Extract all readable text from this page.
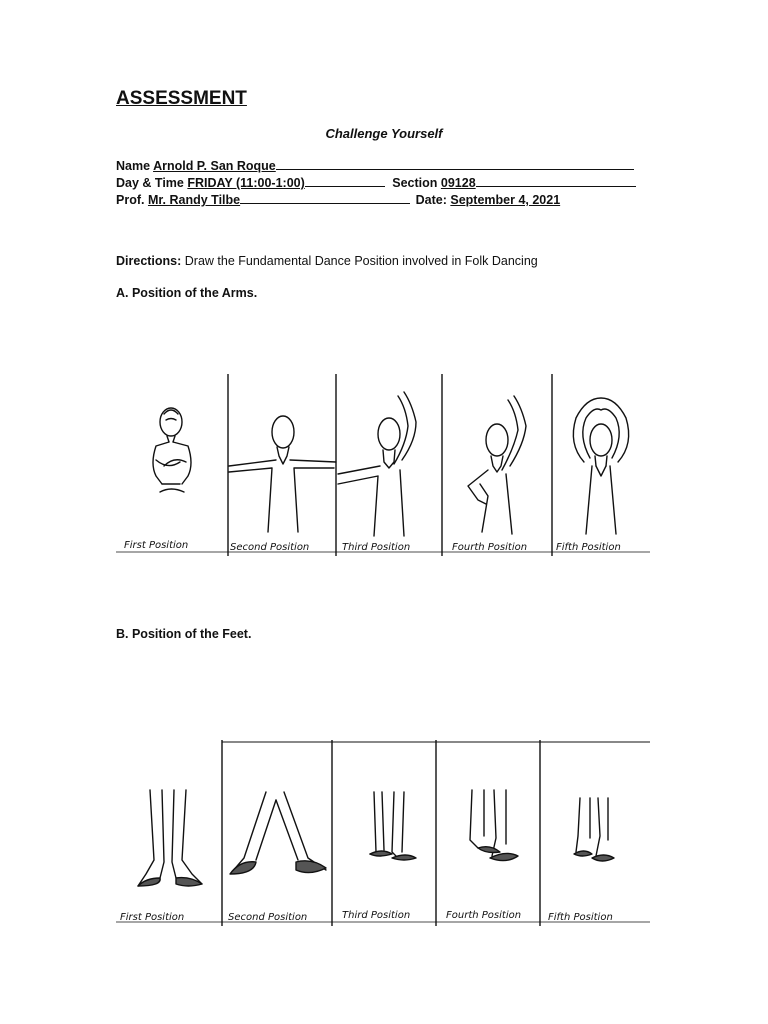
ASSESSMENT
Challenge Yourself
Name Arnold P. San Roque
Day & Time FRIDAY (11:00-1:00)	Section 09128
Prof. Mr. Randy Tilbe	Date: September 4, 2021
Directions: Draw the Fundamental Dance Position involved in Folk Dancing
A. Position of the Arms.
First Position	Second Position	Third Position	Fourth Position	Fifth Position
B. Position of the Feet.
First Position	Second Position	Third Position	Fourth Position	Fifth Position
